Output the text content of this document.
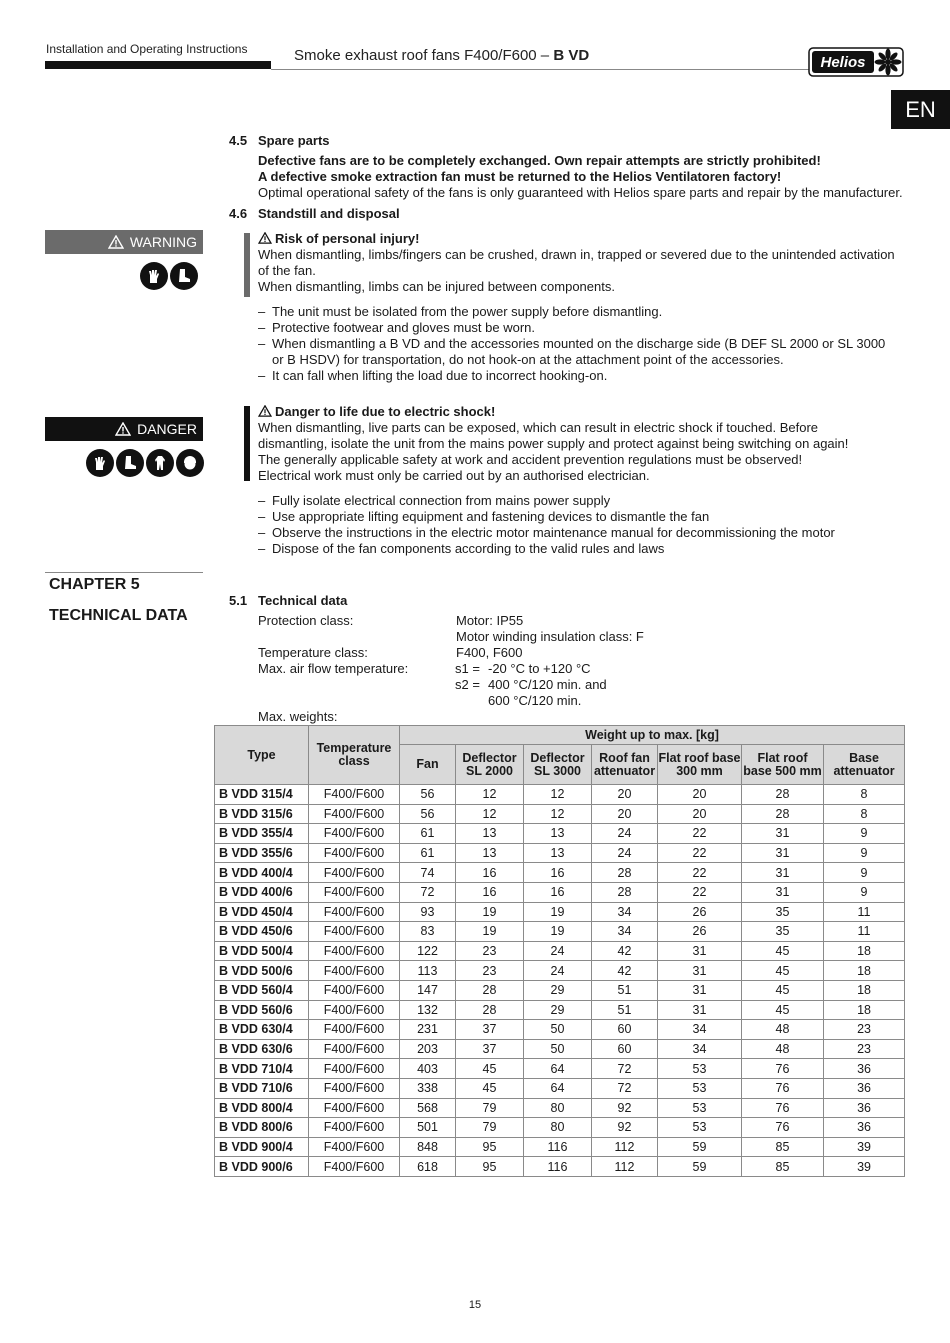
Installation and Operating Instructions	Smoke exhaust roof fans F400/F600 – B VD	Helios
EN
4.5 Spare parts
Defective fans are to be completely exchanged. Own repair attempts are strictly prohibited!
A defective smoke extraction fan must be returned to the Helios Ventilatoren factory!
Optimal operational safety of the fans is only guaranteed with Helios spare parts and repair by the manufacturer.
4.6 Standstill and disposal
WARNING	Risk of personal injury!
When dismantling, limbs/fingers can be crushed, drawn in, trapped or severed due to the unintended activation of the fan.
When dismantling, limbs can be injured between components.
– The unit must be isolated from the power supply before dismantling.
– Protective footwear and gloves must be worn.
– When dismantling a B VD and the accessories mounted on the discharge side (B DEF SL 2000 or SL 3000 or B HSDV) for transportation, do not hook-on at the attachment point of the accessories.
– It can fall when lifting the load due to incorrect hooking-on.
DANGER
Danger to life due to electric shock!
When dismantling, live parts can be exposed, which can result in electric shock if touched. Before dismantling, isolate the unit from the mains power supply and protect against being switching on again!
The generally applicable safety at work and accident prevention regulations must be observed!
Electrical work must only be carried out by an authorised electrician.
– Fully isolate electrical connection from mains power supply
– Use appropriate lifting equipment and fastening devices to dismantle the fan
– Observe the instructions in the electric motor maintenance manual for decommissioning the motor
– Dispose of the fan components according to the valid rules and laws
CHAPTER 5
TECHNICAL DATA
5.1 Technical data
Protection class:	Motor: IP55
Motor winding insulation class: F
Temperature class:	F400, F600
Max. air flow temperature:	s1 = -20 °C to +120 °C
s2 = 400 °C/120 min. and
600 °C/120 min.
Max. weights:
Type	Temperature class	Weight up to max. [kg]						
		Fan	Deflector SL 2000	Deflector SL 3000	Roof fan attenuator	Flat roof base 300 mm	Flat roof base 500 mm	Base attenuator
B VDD 315/4	F400/F600	56	12	12	20	20	28	8
B VDD 315/6	F400/F600	56	12	12	20	20	28	8
B VDD 355/4	F400/F600	61	13	13	24	22	31	9
B VDD 355/6	F400/F600	61	13	13	24	22	31	9
B VDD 400/4	F400/F600	74	16	16	28	22	31	9
B VDD 400/6	F400/F600	72	16	16	28	22	31	9
B VDD 450/4	F400/F600	93	19	19	34	26	35	11
B VDD 450/6	F400/F600	83	19	19	34	26	35	11
B VDD 500/4	F400/F600	122	23	24	42	31	45	18
B VDD 500/6	F400/F600	113	23	24	42	31	45	18
B VDD 560/4	F400/F600	147	28	29	51	31	45	18
B VDD 560/6	F400/F600	132	28	29	51	31	45	18
B VDD 630/4	F400/F600	231	37	50	60	34	48	23
B VDD 630/6	F400/F600	203	37	50	60	34	48	23
B VDD 710/4	F400/F600	403	45	64	72	53	76	36
B VDD 710/6	F400/F600	338	45	64	72	53	76	36
B VDD 800/4	F400/F600	568	79	80	92	53	76	36
B VDD 800/6	F400/F600	501	79	80	92	53	76	36
B VDD 900/4	F400/F600	848	95	116	112	59	85	39
B VDD 900/6	F400/F600	618	95	116	112	59	85	39
15
